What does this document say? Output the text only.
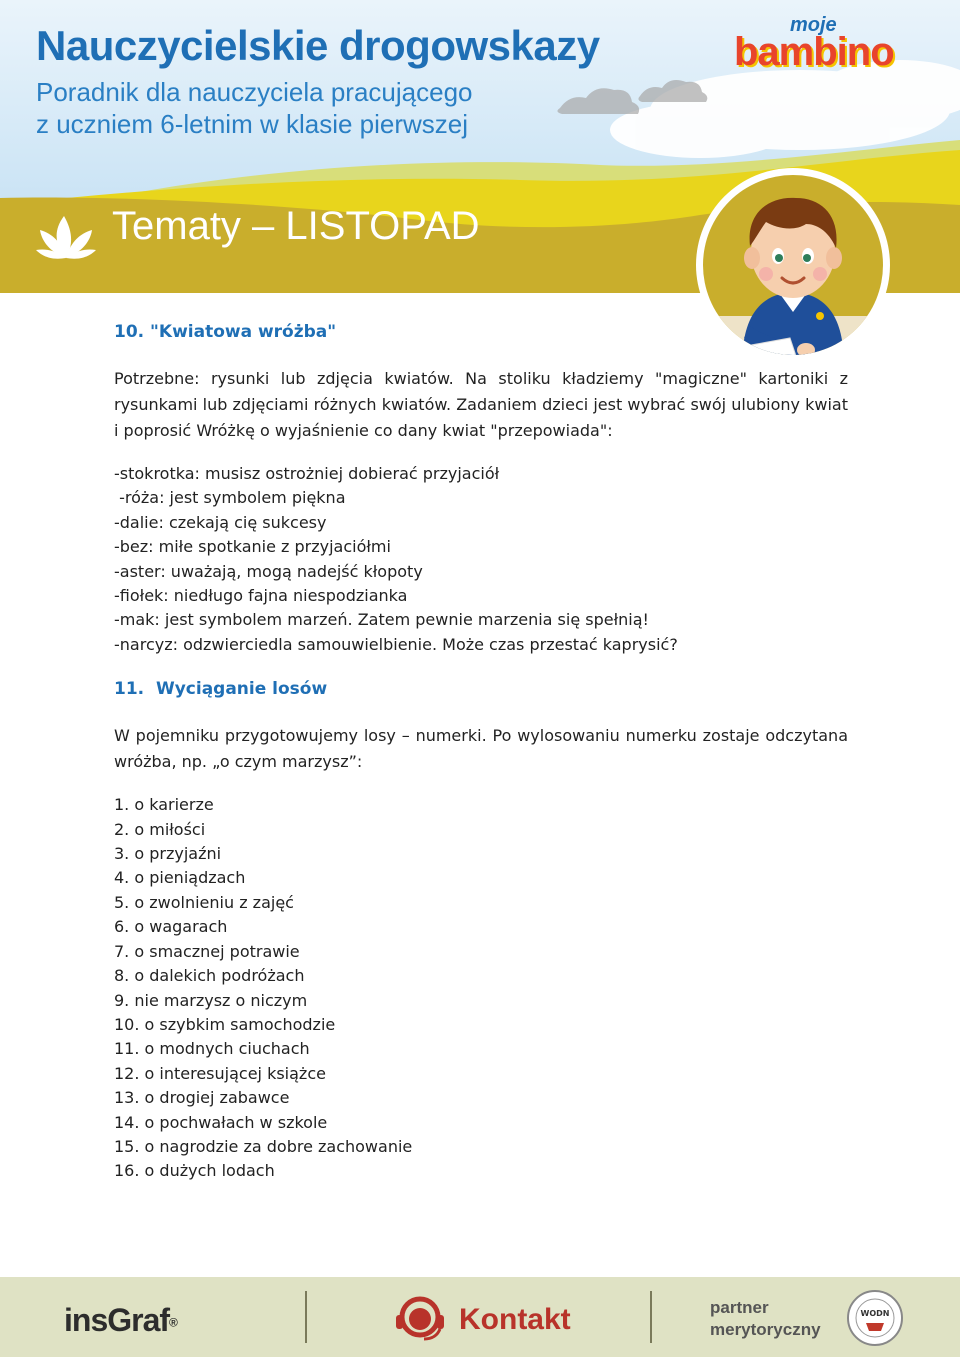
Nauczycielskie drogowskazy
Poradnik dla nauczyciela pracującego
z uczniem 6-letnim w klasie pierwszej
moje
bambino
Tematy – LISTOPAD
10. "Kwiatowa wróżba"
Potrzebne: rysunki lub zdjęcia kwiatów. Na stoliku kładziemy "magiczne" kartoniki z rysunkami lub zdjęciami różnych kwiatów. Zadaniem dzieci jest wybrać swój ulubiony kwiat i poprosić Wróżkę o wyjaśnienie co dany kwiat "przepowiada":
-stokrotka: musisz ostrożniej dobierać przyjaciół
-róża: jest symbolem piękna
-dalie: czekają cię sukcesy
-bez: miłe spotkanie z przyjaciółmi
-aster: uważają, mogą nadejść kłopoty
-fiołek: niedługo fajna niespodzianka
-mak: jest symbolem marzeń. Zatem pewnie marzenia się spełnią!
-narcyz: odzwierciedla samouwielbienie. Może czas przestać kaprysić?
11.  Wyciąganie losów
W pojemniku przygotowujemy losy – numerki. Po wylosowaniu numerku zostaje odczytana wróżba, np. „o czym marzysz”:
1. o karierze
2. o miłości
3. o przyjaźni
4. o pieniądzach
5. o zwolnieniu z zajęć
6. o wagarach
7. o smacznej potrawie
8. o dalekich podróżach
9. nie marzysz o niczym
10. o szybkim samochodzie
11. o modnych ciuchach
12. o interesującej książce
13. o drogiej zabawce
14. o pochwałach w szkole
15. o nagrodzie za dobre zachowanie
16. o dużych lodach
insGraf®	Kontakt	partner
merytoryczny
WODN
